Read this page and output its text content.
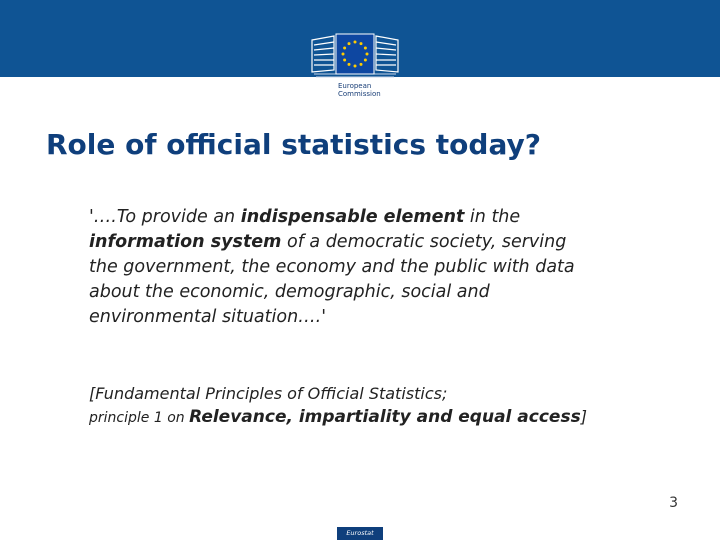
European
Commission
Role of official statistics today?

'….To provide an indispensable element in the information system of a democratic society, serving the government, the economy and the public with data about the economic, demographic, social and environmental situation….'

[Fundamental Principles of Official Statistics;
principle 1 on Relevance, impartiality and equal access]

3
Eurostat
